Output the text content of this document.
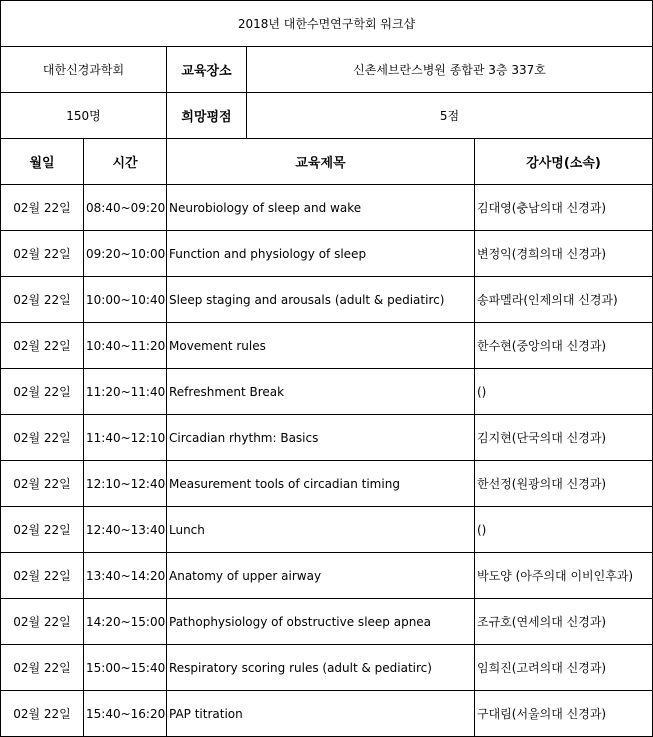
2018년 대한수면연구학회 워크샵				
대한신경과학회		교육장소	신촌세브란스병원 종합관 3층 337호	
150명		희망평점	5점	
월일	시간	교육제목		강사명(소속)
02월 22일	08:40~09:20	Neurobiology of sleep and wake		김대영(충남의대 신경과)
02월 22일	09:20~10:00	Function and physiology of sleep		변정익(경희의대 신경과)
02월 22일	10:00~10:40	Sleep staging and arousals (adult & pediatirc)		송파멜라(인제의대 신경과)
02월 22일	10:40~11:20	Movement rules		한수현(중앙의대 신경과)
02월 22일	11:20~11:40	Refreshment Break		()
02월 22일	11:40~12:10	Circadian rhythm: Basics		김지현(단국의대 신경과)
02월 22일	12:10~12:40	Measurement tools of circadian timing		한선정(원광의대 신경과)
02월 22일	12:40~13:40	Lunch		()
02월 22일	13:40~14:20	Anatomy of upper airway		박도양 (아주의대 이비인후과)
02월 22일	14:20~15:00	Pathophysiology of obstructive sleep apnea		조규호(연세의대 신경과)
02월 22일	15:00~15:40	Respiratory scoring rules (adult & pediatirc)		임희진(고려의대 신경과)
02월 22일	15:40~16:20	PAP titration		구대림(서울의대 신경과)
